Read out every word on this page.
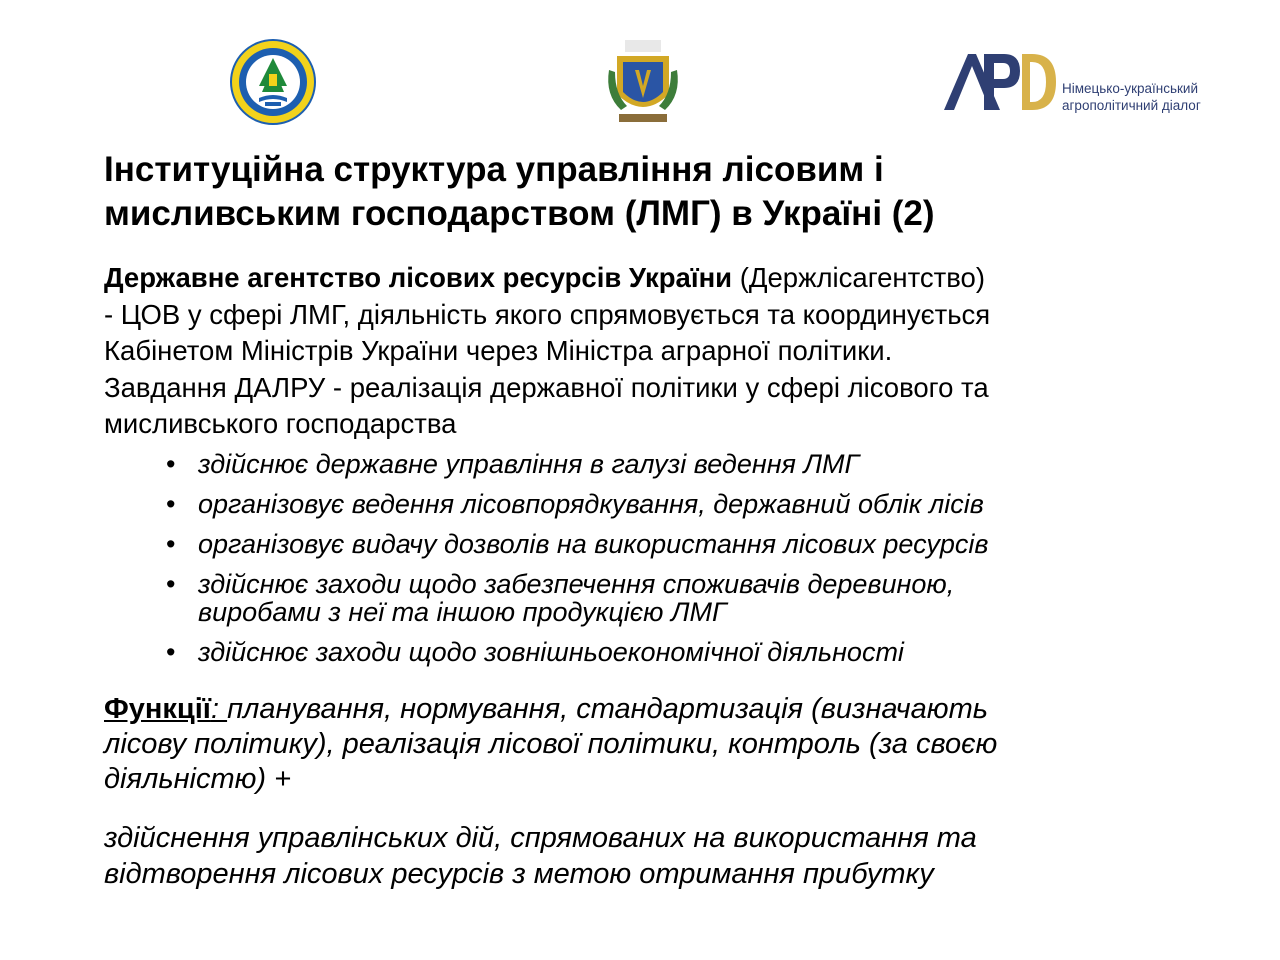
Німецько-український
агрополітичний діалог
Інституційна структура управління лісовим і
мисливським господарством (ЛМГ) в Україні (2)

Державне агентство лісових ресурсів України (Держлісагентство)
- ЦОВ у сфері ЛМГ, діяльність якого спрямовується та координується
Кабінетом Міністрів України через Міністра аграрної політики.
Завдання ДАЛРУ - реалізація державної політики у сфері лісового та
мисливського господарства

• здійснює державне управління в галузі ведення ЛМГ
• організовує ведення лісовпорядкування, державний облік лісів
• організовує видачу дозволів на використання лісових ресурсів
• здійснює заходи щодо забезпечення споживачів деревиною,
виробами з неї та іншою продукцією ЛМГ
• здійснює заходи щодо зовнішньоекономічної діяльності

Функції: планування, нормування, стандартизація (визначають
лісову політику), реалізація лісової політики, контроль (за своєю
діяльністю) +

здійснення управлінських дій, спрямованих на використання та
відтворення лісових ресурсів з метою отримання прибутку
